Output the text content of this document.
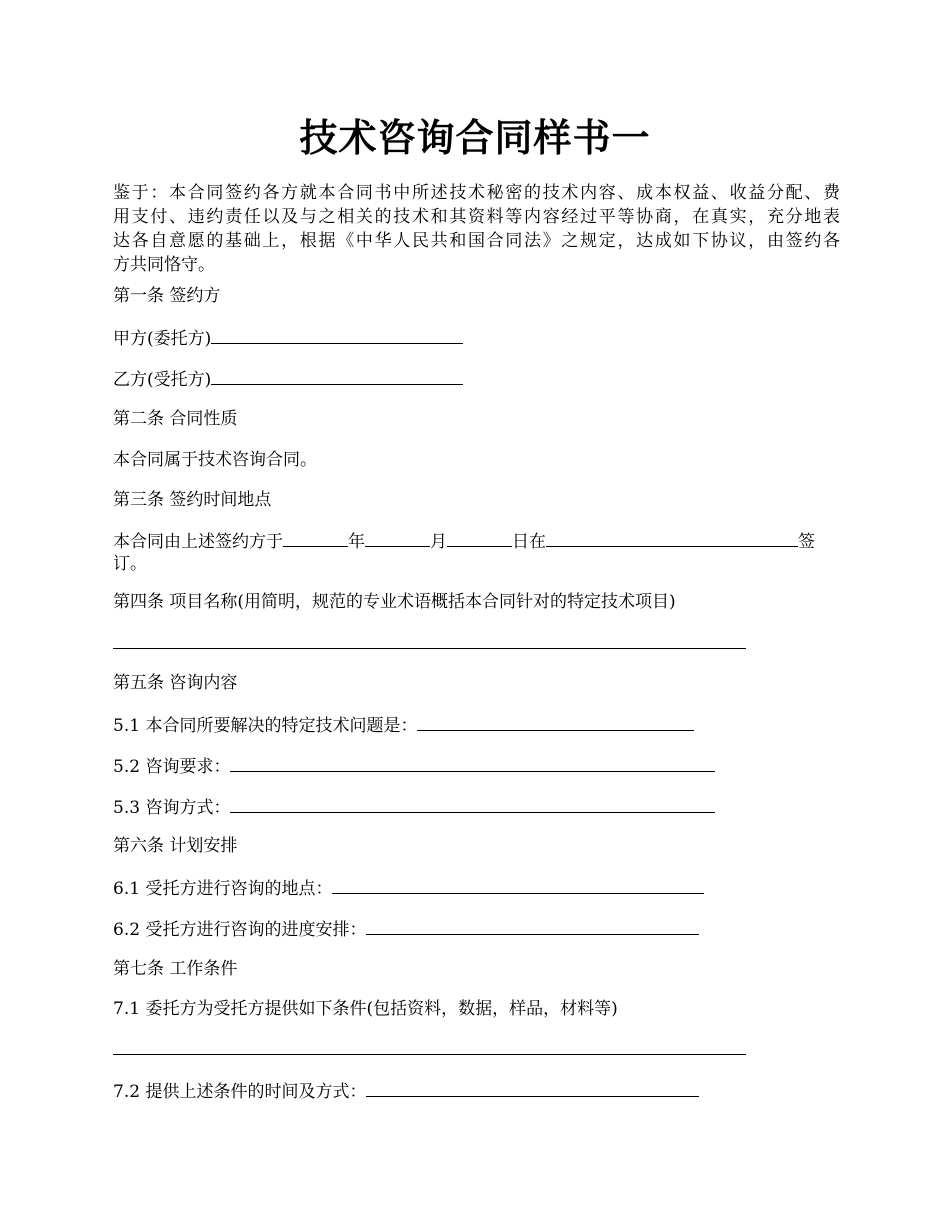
技术咨询合同样书一
鉴于：本合同签约各方就本合同书中所述技术秘密的技术内容、成本权益、收益分配、费
用支付、违约责任以及与之相关的技术和其资料等内容经过平等协商，在真实，充分地表
达各自意愿的基础上，根据《中华人民共和国合同法》之规定，达成如下协议，由签约各
方共同恪守。
第一条 签约方
甲方(委托方)
乙方(受托方)
第二条 合同性质
本合同属于技术咨询合同。
第三条 签约时间地点
本合同由上述签约方于	年	月	日在	签
订。
第四条 项目名称(用简明，规范的专业术语概括本合同针对的特定技术项目)
第五条 咨询内容
5.1 本合同所要解决的特定技术问题是：
5.2 咨询要求：
5.3 咨询方式：
第六条 计划安排
6.1 受托方进行咨询的地点：
6.2 受托方进行咨询的进度安排：
第七条 工作条件
7.1 委托方为受托方提供如下条件(包括资料，数据，样品，材料等)
7.2 提供上述条件的时间及方式：
